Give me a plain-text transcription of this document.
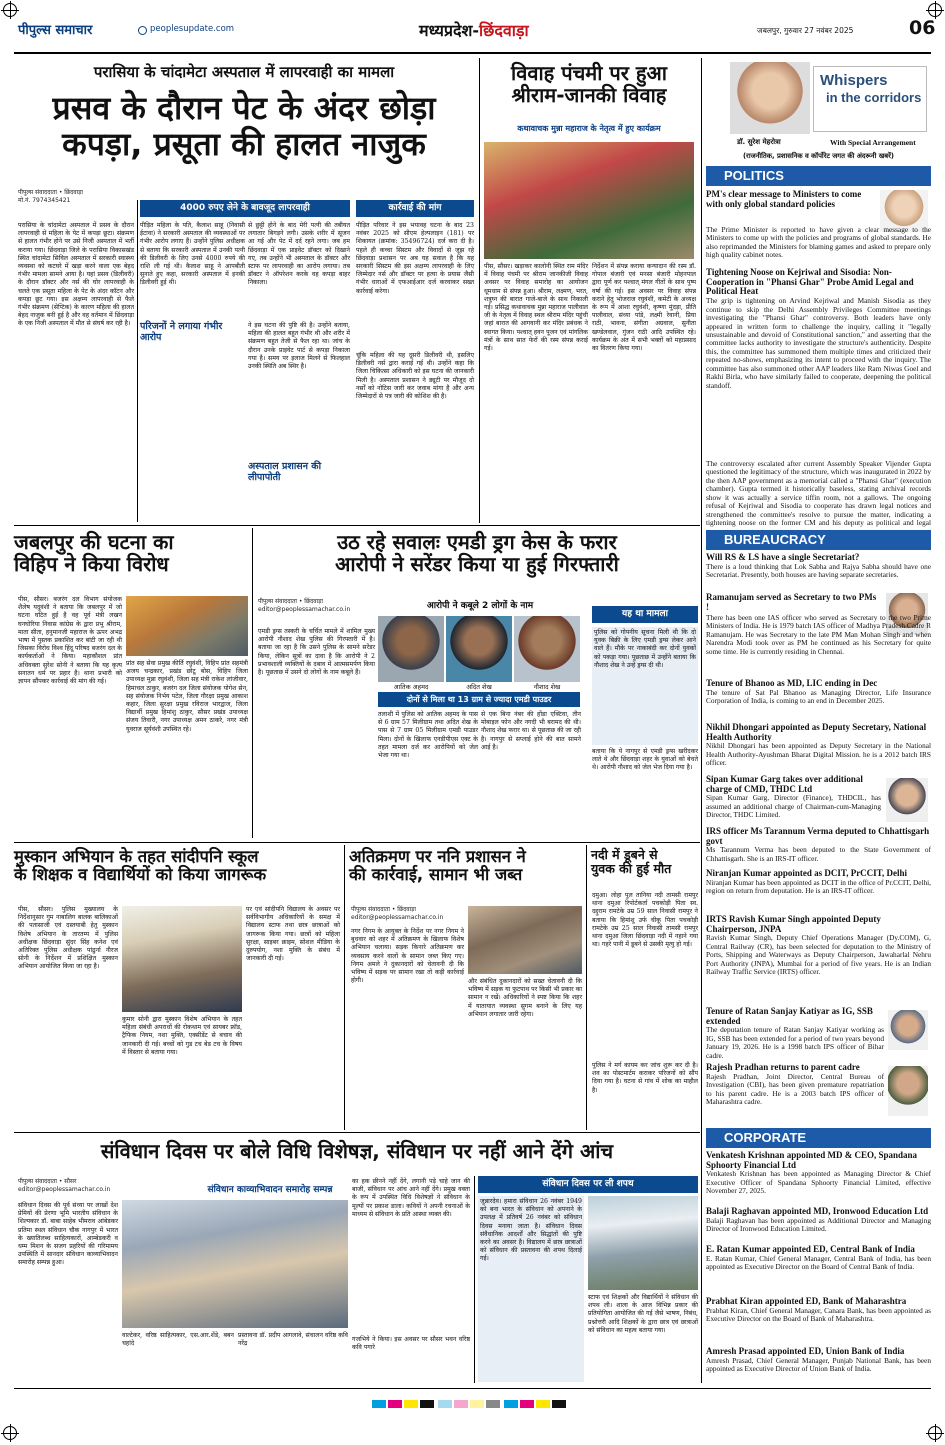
पीपुल्स समाचार	peoplesupdate.com	मध्यप्रदेश-छिंदवाड़ा	जबलपुर, गुरुवार 27 नवंबर 2025	06
परासिया के चांदामेटा अस्पताल में लापरवाही का मामला
प्रसव के दौरान पेट के अंदर छोड़ा
कपड़ा, प्रसूता की हालत नाजुक
पीपुल्स संवाददाता • छिंदवाड़ा
मो.नं. 7974345421
4000 रुपए लेने के बावजूद लापरवाही	कार्रवाई की मांग
परासिया के चांदामेटा अस्पताल में प्रसव के दौरान लापरवाही से महिला के पेट में कपड़ा छूटा। संक्रमण से हालत गंभीर होने पर उसे निजी अस्पताल में भर्ती कराया गया। छिंदवाड़ा जिले के परासिया विकासखंड स्थित चांदामेटा सिविल अस्पताल में सरकारी स्वास्थ्य व्यवस्था को कटघरे में खड़ा करने वाला एक बेहद गंभीर मामला सामने आया है। यहां प्रसव (डिलीवरी) के दौरान डॉक्टर और नर्स की घोर लापरवाही के चलते एक प्रसूता महिला के पेट के अंदर कॉटन और कपड़ा छूट गया। इस अक्षम्य लापरवाही से फैले गंभीर संक्रमण (सेप्टिक) के कारण महिला की हालत बेहद नाजुक बनी हुई है और वह वर्तमान में छिंदवाड़ा के एक निजी अस्पताल में मौत से संघर्ष कर रही है।
पीड़ित महिला के पति, कैलाश साहू (निवासी ईटावा) ने सरकारी अस्पताल की व्यवस्थाओं पर गंभीर आरोप लगाए हैं। उन्होंने पुलिस अधीक्षक से बताया कि सरकारी अस्पताल में उनकी पत्नी की डिलीवरी के लिए उनसे 4000 रुपये की राशि ली गई थी। कैलाश साहू ने आपबीती सुनाते हुए कहा, सरकारी अस्पताल में इनकी डिलीवरी हुई थी।
से छुट्टी होने के बाद मेरी पत्नी की तबीयत लगातार बिगड़ने लगी। उसके शरीर में सूजन आ गई और पेट में दर्द रहने लगा। जब हम छिंदवाड़ा में एक प्राइवेट डॉक्टर को दिखाने गए, तब उन्होंने भी अस्पताल के डॉक्टर और स्टाफ पर लापरवाही का आरोप लगाया। तब डॉक्टर ने ऑपरेशन करके वह कपड़ा बाहर निकाला।
परिजनों ने लगाया गंभीर आरोप
ने इस घटना की पुष्टि की है। उन्होंने बताया, महिला की हालत बहुत गंभीर थी और शरीर में संक्रमण बहुत तेजी से फैल रहा था। जांच के दौरान उनके प्राइवेट पार्ट से कपड़ा निकाला गया है। समय पर इलाज मिलने से फिलहाल उनकी स्थिति अब स्थिर है।
अस्पताल प्रशासन की लीपापोती
पीड़ित परिवार ने इस भयावह घटना के बाद 23 नवंबर 2025 को सीएम हेल्पलाइन (181) पर शिकायत (क्रमांक: 35496724) दर्ज करा दी है। पहले ही कच्चा सिस्टम और विवादों से जूझ रहे छिंदवाड़ा प्रशासन पर अब यह सवाल है कि यह सरकारी सिस्टम की इस अक्षम्य लापरवाही के लिए जिम्मेदार नर्स और डॉक्टर पर हत्या के प्रयास जैसी गंभीर धाराओं में एफआईआर दर्ज करवाकर सख्त कार्रवाई करेगा।
चूंकि महिला की यह दूसरी डिलीवरी थी, इसलिए डिलीवरी नर्स द्वारा कराई गई थी। उन्होंने कहा कि जिला चिकित्सा अधिकारी को इस घटना की जानकारी मिली है। अस्पताल प्रशासन ने ड्यूटी पर मौजूद दो नर्सों को नोटिस जारी कर जवाब मांगा है और अन्य जिम्मेदारों से पत्र जारी की कोशिश की है।
विवाह पंचमी पर हुआ
श्रीराम-जानकी विवाह
कथावाचक मुन्ना महाराज के नेतृत्व में हुए कार्यक्रम
पीस, सौसर। खड़ाकर कालोनी स्थित राम मंदिर में विवाह पंचमी पर श्रीराम जानकीजी विवाह अवसर पर विवाह समारोह का आयोजन धूमधाम से संपन्न हुआ। श्रीराम, लक्ष्मण, भरत, शत्रुघ्न की बारात गाजे-बाजे के साथ निकाली गई। प्रसिद्ध कथावाचक मुन्ना महाराज पालीवाल जी के नेतृत्व में विवाह स्थल श्रीराम मंदिर पहुंची जहां बारात की आगवानी कर मंदिर प्रबंधक ने स्वागत किया। पश्चात् हवन पूजन एवं मांगलिक मंत्रों के साथ सात फेरों की रस्म संपन्न कराई गई।
निर्देशन में संपन्न कराया कन्यादान की रस्म डॉ. गोपाल बंजारी एवं मनसा बंजारी मोहनपाल द्वारा पूर्ण कर पश्चात् मंगल गीतों के साथ पुष्प वर्षा की गई। इस अवसर पर विवाह संपन्न कराने हेतु भोजराज रघुवंशी, कमेटी के अध्यक्ष के रूप में आशा रघुवंशी, कृष्णा मुंदड़ा, प्रीति पालीवाल, संध्या पांडे, लक्ष्मी रेवानी, प्रिया राठी, भावना, संगीता अग्रवाल, सुनीता खण्डेलवाल, गुंजन राठी आदि उपस्थित रहे। कार्यक्रम के अंत में सभी भक्तों को महाप्रसाद का वितरण किया गया।
Whispers
in the corridors
डॉ. सुरेश मेहरोत्रा	With Special Arrangement
(राजनीतिक, प्रशासनिक व कॉर्पोरेट जगत की अंदरूनी खबरें)
POLITICS
PM's clear message to Ministers to come with only global standard policies

The Prime Minister is reported to have given a clear message to the Ministers to come up with the policies and programs of global standards. He also reprimanded the Ministers for blaming games and asked to prepare only high quality cabinet notes.

Tightening Noose on Kejriwal and Sisodia: Non-Cooperation in "Phansi Ghar" Probe Amid Legal and Political Heat

The grip is tightening on Arvind Kejriwal and Manish Sisodia as they continue to skip the Delhi Assembly Privileges Committee meetings investigating the "Phansi Ghar" controversy. Both leaders have only appeared in written form to challenge the inquiry, calling it "legally unsustainable and devoid of Constitutional sanction," and asserting that the committee lacks authority to investigate the structure's authenticity. Despite this, the committee has summoned them multiple times and criticized their repeated no-shows, emphasizing its intent to proceed with the inquiry. The committee has also summoned other AAP leaders like Ram Niwas Goel and Rakhi Birla, who have similarly failed to cooperate, deepening the political standoff.

The controversy escalated after current Assembly Speaker Vijender Gupta questioned the legitimacy of the structure, which was inaugurated in 2022 by the then AAP government as a memorial called a "Phansi Ghar" (execution chamber). Gupta termed it historically baseless, stating archival records show it was actually a service tiffin room, not a gallows. The ongoing refusal of Kejriwal and Sisodia to cooperate has drawn legal notices and strengthened the committee's resolve to pursue the matter, indicating a tightening noose on the former CM and his deputy as political and legal

BUREAUCRACY
Will RS & LS have a single Secretariat?

There is a loud thinking that Lok Sabha and Rajya Sabha should have one Secretariat. Presently, both houses are having separate secretaries.

Ramanujam served as Secretary to two PMs !

There has been one IAS officer who served as Secretary to the two Prime Ministers of India. He is 1979 batch IAS officer of Madhya Pradesh Cadre R Ramanujam. He was Secretary to the late PM Man Mohan Singh and when Narendra Modi took over as PM he continued as his Secretary for quite some time. He is currently residing in Chennai.

Tenure of Bhanoo as MD, LIC ending in Dec

The tenure of Sat Pal Bhanoo as Managing Director, Life Insurance Corporation of India, is coming to an end in December 2025.

Nikhil Dhongari appointed as Deputy Secretary, National Health Authority

Nikhil Dhongari has been appointed as Deputy Secretary in the National Health Authority-Ayushman Bharat Digital Mission. he is a 2012 batch IRS officer.

Sipan Kumar Garg takes over additional charge of CMD, THDC Ltd

Sipan Kumar Garg, Director (Finance), THDCIL, has assumed an additional charge of Chairman-cum-Managing Director, THDC Limited.

IRS officer Ms Tarannum Verma deputed to Chhattisgarh govt

Ms Tarannum Verma has been deputed to the State Government of Chhattisgarh. She is an IRS-IT officer.

Niranjan Kumar appointed as DCIT, PrCCIT, Delhi

Niranjan Kumar has been appointed as DCIT in the office of Pr.CCIT, Delhi, region on return from deputation. He is an IRS-IT officer.

IRTS Ravish Kumar Singh appointed Deputy Chairperson, JNPA

Ravish Kumar Singh, Deputy Chief Operations Manager (Dy.COM), G, Central Railway (CR), has been selected for deputation to the Ministry of Ports, Shipping and Waterways as Deputy Chairperson, Jawaharlal Nehru Port Authority (JNPA), Mumbai for a period of five years. He is an Indian Railway Traffic Service (IRTS) officer.

Tenure of Ratan Sanjay Katiyar as IG, SSB extended

The deputation tenure of Ratan Sanjay Katiyar working as IG, SSB has been extended for a period of two years beyond January 19, 2026. He is a 1998 batch IPS officer of Bihar cadre.

Rajesh Pradhan returns to parent cadre

Rajesh Pradhan, Joint Director, Central Bureau of Investigation (CBI), has been given premature repatriation to his parent cadre. He is a 2003 batch IPS officer of Maharashtra cadre.

CORPORATE
Venkatesh Krishnan appointed MD & CEO, Spandana Sphoorty Financial Ltd

Venkatesh Krishnan has been appointed as Managing Director & Chief Executive Officer of Spandana Sphoorty Financial Limited, effective November 27, 2025.

Balaji Raghavan appointed MD, Ironwood Education Ltd

Balaji Raghavan has been appointed as Additional Director and Managing Director of Ironwood Education Limited.

E. Ratan Kumar appointed ED, Central Bank of India

E. Ratan Kumar, Chief General Manager, Central Bank of India, has been appointed as Executive Director on the Board of Central Bank of India.

Prabhat Kiran appointed ED, Bank of Maharashtra

Prabhat Kiran, Chief General Manager, Canara Bank, has been appointed as Executive Director on the Board of Bank of Maharashtra.

Amresh Prasad appointed ED, Union Bank of India

Amresh Prasad, Chief General Manager, Punjab National Bank, has been appointed as Executive Director of Union Bank of India.

जबलपुर की घटना का
विहिप ने किया विरोध
पीस, सौसर। बजरंग दल विभाग संयोजक शैलेष यदुवंशी ने बताया कि जबलपुर में जो घटना घटित हुई है वह पूर्व मंत्री लखन घनघोरिया निवास कांग्रेस के द्वारा प्रभु श्रीराम, माता सीता, हनुमानजी महाराज के ऊपर अभद्र भाषा में पुस्तक प्रकाशित कर बांटी जा रही थी जिसका विरोध विश्व हिंदू परिषद बजरंग दल के कार्यकर्ताओं ने किया। महाकौशल प्रांत अधिवक्ता सुरेश सोनी ने बताया कि यह कृत्य सनातन धर्म पर प्रहार है। थाना प्रभारी को ज्ञापन सौंपकर कार्रवाई की मांग की गई।
प्रांत सह सेवा प्रमुख कीर्ति रघुवंशी, विहिप प्रांत सहमंत्री अजय चन्द्रकार, प्रखंड छोटू बोस, विहिप जिला उपाध्यक्ष मुन्ना रघुवंशी, जिला सह मंत्री राकेश लांजीवार, हिमाचल ठाकुर, बजरंग दल जिला संयोजक योगेश सेन, सह संयोजक निर्भय पटेल, जिला गौरक्षा प्रमुख आकाश कहार, जिला सुरक्षा प्रमुख रविराज भारद्वाज, जिला विद्यार्थी प्रमुख हिमांशु ठाकुर, सौसर प्रखंड उपाध्यक्ष संजय तिवारी, नगर उपाध्यक्ष अमन ठाकरे, नगर मंत्री युवराज सूर्यवंशी उपस्थित रहे।
उठ रहे सवालः एमडी ड्रग केस के फरार
आरोपी ने सरेंडर किया या हुई गिरफ्तारी
पीपुल्स संवाददाता • छिंदवाड़ा
editor@peoplessamachar.co.in	आरोपी ने कबूले 2 लोगों के नाम
यह था मामला
आतिक अहमद	अदित शेख	नौशाद शेख
दोनों से मिला था 13 ग्राम से ज्यादा एमडी पाउडर
एमडी ड्रग्स तस्करी के चर्चित मामले में शामिल मुख्य आरोपी नौशाद शेख पुलिस की गिरफ्तारी में है। बताया जा रहा है कि उसने पुलिस के सामने सरेंडर किया, लेकिन सूत्रों का दावा है कि आरोपी ने 2 प्रभावशाली व्यक्तियों के दबाव में आत्मसमर्पण किया है। पूछताछ में उसने दो लोगों के नाम कबूले हैं।
तलाशी में पुलिस को आतिक अहमद के पास से 6 ग्राम 57 मिलीग्राम तथा अदित शेख के पास से 7 ग्राम 05 मिलीग्राम एमडी पाउडर मिला। दोनों के खिलाफ एनडीपीएस एक्ट के तहत मामला दर्ज कर आरोपियों को जेल भेजा गया था।
से एक बिना नंबर की होंडा एक्टिवा, तीन मोबाइल फोन और नगदी भी बरामद की थी। नौशाद शेख फरार था। से पूछताछ की जा रही है। नागपुर से सप्लाई होने की बात सामने आई है।
पुलिस को गोपनीय सूचना मिली थी कि दो युवक बिक्री के लिए एमडी ड्रग्स लेकर आने वाले हैं। मौके पर नाकाबंदी कर दोनों युवकों को पकड़ा गया। पूछताछ में उन्होंने बताया कि नौशाद शेख ने उन्हें ड्रग्स दी थी।
बताया कि ये नागपुर से एमडी ड्रग्स खरीदकर लाते थे और छिंदवाड़ा शहर के युवाओं को बेचते थे। आरोपी नौशाद को जेल भेज दिया गया है।
मुस्कान अभियान के तहत सांदीपनि स्कूल
के शिक्षक व विद्यार्थियों को किया जागरूक
पीस, सौसर। पुलिस मुख्यालय के निर्देशानुसार गुम नाबालिग बालक बालिकाओं की पतासाजी एवं दस्तयाबी हेतु मुस्कान विशेष अभियान के तारतम्य में पुलिस अधीक्षक छिंदवाड़ा सुंदर सिंह कनेश एवं अतिरिक्त पुलिस अधीक्षक पांढुर्ना नीरज सोनी के निर्देशन में प्रशिक्षित मुस्कान अभियान आयोजित किया जा रहा है।
कुमार सोनी द्वारा मुस्कान विशेष अभियान के तहत महिला संबंधी अपराधों की रोकथाम एवं सायबर फ्रॉड, ट्रैफिक नियम, नशा मुक्ति, एक्सीडेंट से बचाव की जानकारी दी गई। बच्चों को गुड टच बेड टच के विषय में विस्तार से बताया गया।
पर एवं सांदीपनि विद्यालय के अवसर पर सर्वविभागीय अधिकारियों के समक्ष में विद्यालय स्टाफ तथा छात्र छात्राओं को जागरूक किया गया। छात्रों को महिला सुरक्षा, साइबर क्राइम, सोशल मीडिया के दुरुपयोग, नशा मुक्ति के संबंध में जानकारी दी गई।
अतिक्रमण पर ननि प्रशासन ने
की कार्रवाई, सामान भी जब्त
पीपुल्स संवाददाता • छिंदवाड़ा
editor@peoplessamachar.co.in
नगर निगम के आयुक्त के निर्देश पर नगर निगम ने बुधवार को शहर में अतिक्रमण के खिलाफ विशेष अभियान चलाया। सड़क किनारे अतिक्रमण कर व्यवसाय करने वालों के सामान जब्त किए गए। निगम अमले ने दुकानदारों को चेतावनी दी कि भविष्य में सड़क पर सामान रखा तो कड़ी कार्रवाई होगी।	और संबंधित दुकानदारों को सख्त चेतावनी दी कि भविष्य में सड़क या फुटपाथ पर किसी भी प्रकार का सामान न रखें। अधिकारियों ने स्पष्ट किया कि शहर में यातायात व्यवस्था सुगम बनाने के लिए यह अभियान लगातार जारी रहेगा।
नदी में डूबने से
युवक की हुई मौत
दमुआ। लोहा पुल तानिया नदी तामसी रामपुर थाना दमुआ रिपोर्टकर्ता पचकोड़ी पिता स्व. दद्दुराम रामटेके उम्र 59 साल निवासी रामपुर ने बताया कि हिमांशु उर्फ चीकू पिता पचकोड़ी रामटेके उम्र 25 साल निवासी तामसी रामपुर थाना दमुआ जिला छिंदवाड़ा नदी में नहाने गया था। गहरे पानी में डूबने से उसकी मृत्यु हो गई।
पुलिस ने मर्ग कायम कर जांच शुरू कर दी है। शव का पोस्टमार्टम कराकर परिजनों को सौंप दिया गया है। घटना से गांव में शोक का माहौल है।
संविधान दिवस पर बोले विधि विशेषज्ञ, संविधान पर नहीं आने देंगे आंच
पीपुल्स संवाददाता • सौसर
editor@peoplessamachar.co.in	संविधान काव्याभिवादन समारोह सम्पन्न
संविधान दिवस की पूर्व संध्या पर लाखों देश प्रेमियों की प्रेरणा भूमि भारतीय संविधान के शिल्पकार डॉ. बाबा साहेब भीमराव आंबेडकर प्रतिमा स्थल संविधान चौक नागपुर में भारत के ख्यातिलब्ध साहित्यकारों, आम्बेडकरी व धम्म मिशन के सजग प्रहरियों की गरिमामय उपस्थिति में सानदार संविधान काव्याभिवादन समारोह सम्पन्न हुआ।
वाल्टेकर, वरिष्ठ साहित्यकार, एस.आर.शेंडे, बबन चहांदे
प्रस्तावना डॉ. प्रदीप आगलावे, संचालन वरिष्ठ कवि नरेंद्र
का हक छीनने नहीं देंगे, लगानी पड़े चाहे जान की बाजी, संविधान पर आंच आने नहीं देंगे। प्रमुख वक्ता के रूप में उपस्थित विधि विशेषज्ञों ने संविधान के मूल्यों पर प्रकाश डाला। कवियों ने अपनी रचनाओं के माध्यम से संविधान के प्रति आस्था व्यक्त की।
गजभिये ने किया। इस अवसर पर सौसर भवन वरिष्ठ कवि पगारे
संविधान दिवस पर ली शपथ
जुन्नारदेव। हमारा संविधान 26 नवंबर 1949 को बना भारत के संविधान को अपनाने के उपलक्ष में प्रतिवर्ष 26 नवंबर को संविधान दिवस मनाया जाता है। संविधान दिवस संवैधानिक आदर्शों और सिद्धांतों की पुष्टि करने का अवसर है। विद्यालय में छात्र छात्राओं को संविधान की प्रस्तावना की शपथ दिलाई गई।
स्टाफ एवं शिक्षकों और विद्यार्थियों ने संविधान की शपथ ली। शाला के आज विभिन्न प्रकार की प्रतियोगिता आयोजित की गई जैसे भाषण, निबंध, प्रश्नोत्तरी आदि शिक्षकों के द्वारा छात्र एवं छात्राओं को संविधान का महत्व बताया गया।
